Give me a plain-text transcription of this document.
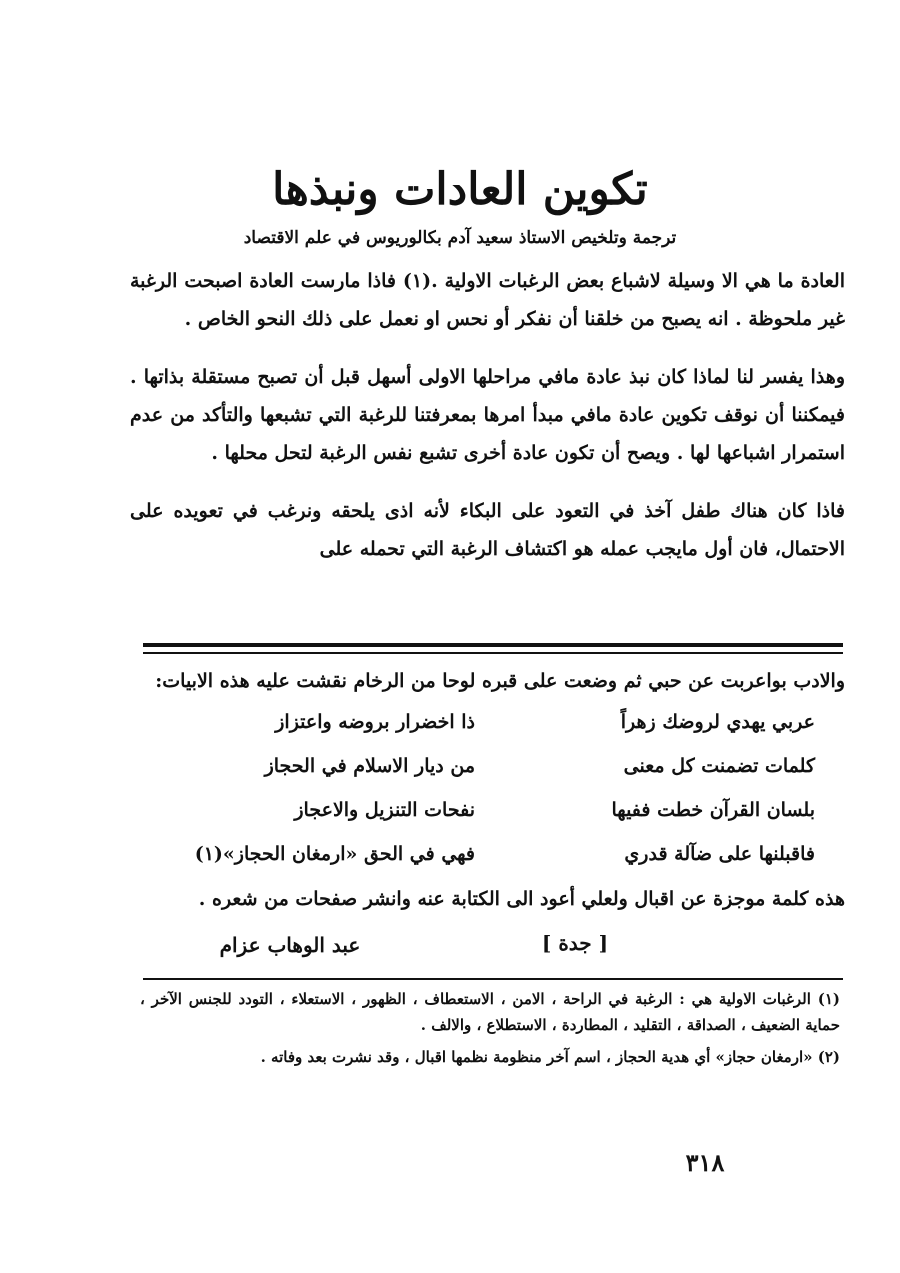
تكوين العادات ونبذها
ترجمة وتلخيص الاستاذ سعيد آدم بكالوريوس في علم الاقتصاد

العادة ما هي الا وسيلة لاشباع بعض الرغبات الاولية .(١) فاذا مارست العادة اصبحت الرغبة غير ملحوظة . انه يصبح من خلقنا أن نفكر أو نحس او نعمل على ذلك النحو الخاص .

وهذا يفسر لنا لماذا كان نبذ عادة مافي مراحلها الاولى أسهل قبل أن تصبح مستقلة بذاتها . فيمكننا أن نوقف تكوين عادة مافي مبدأ امرها بمعرفتنا للرغبة التي تشبعها والتأكد من عدم استمرار اشباعها لها . ويصح أن تكون عادة أخرى تشبع نفس الرغبة لتحل محلها .

فاذا كان هناك طفل آخذ في التعود على البكاء لأنه اذى يلحقه ونرغب في تعويده على الاحتمال، فان أول مايجب عمله هو اكتشاف الرغبة التي تحمله على

والادب بواعربت عن حبي ثم وضعت على قبره لوحا من الرخام نقشت عليه هذه الابيات:
عربي يهدي لروضك زهراً
ذا اخضرار بروضه واعتزاز
كلمات تضمنت كل معنى
من ديار الاسلام في الحجاز
بلسان القرآن خطت ففيها
نفحات التنزيل والاعجاز
فاقبلنها على ضآلة قدري
فهي في الحق «ارمغان الحجاز»(١)
هذه كلمة موجزة عن اقبال ولعلي أعود الى الكتابة عنه وانشر صفحات من شعره .
[ جدة ]
عبد الوهاب عزام

(١) الرغبات الاولية هي : الرغبة في الراحة ، الامن ، الاستعطاف ، الظهور ، الاستعلاء ، التودد للجنس الآخر ، حماية الضعيف ، الصداقة ، التقليد ، المطاردة ، الاستطلاع ، والالف .

(٢) «ارمغان حجاز» أي هدية الحجاز ، اسم آخر منظومة نظمها اقبال ، وقد نشرت بعد وفاته .

٣١٨
